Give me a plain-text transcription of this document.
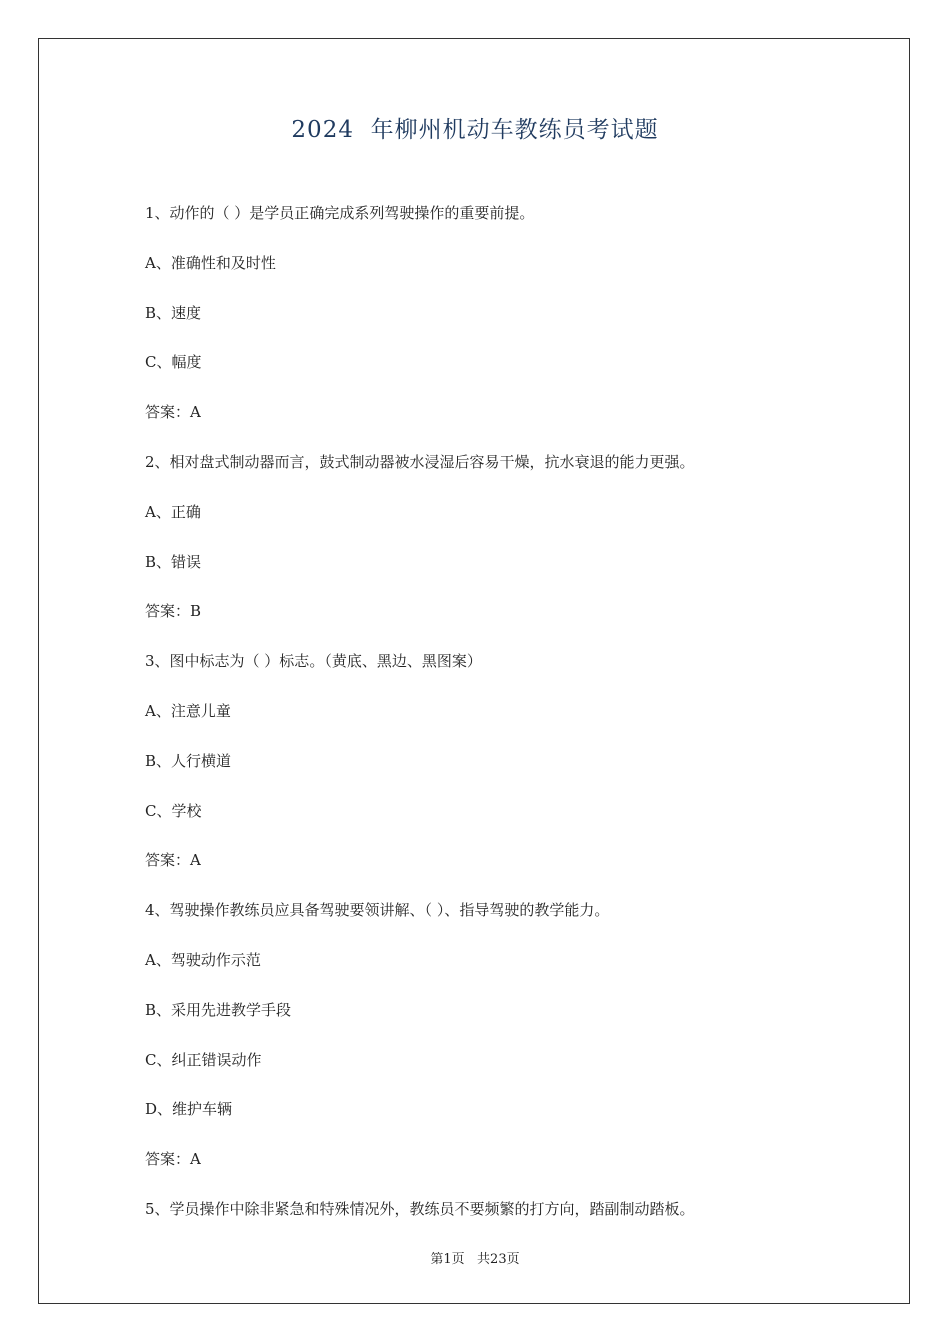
2024  年柳州机动车教练员考试题
1、动作的（ ）是学员正确完成系列驾驶操作的重要前提。
A、准确性和及时性
B、速度
C、幅度
答案：A
2、相对盘式制动器而言，鼓式制动器被水浸湿后容易干燥，抗水衰退的能力更强。
A、正确
B、错误
答案：B
3、图中标志为（ ）标志。（黄底、黑边、黑图案）
A、注意儿童
B、人行横道
C、学校
答案：A
4、驾驶操作教练员应具备驾驶要领讲解、（ ）、指导驾驶的教学能力。
A、驾驶动作示范
B、采用先进教学手段
C、纠正错误动作
D、维护车辆
答案：A
5、学员操作中除非紧急和特殊情况外，教练员不要频繁的打方向，踏副制动踏板。
第1页   共23页
